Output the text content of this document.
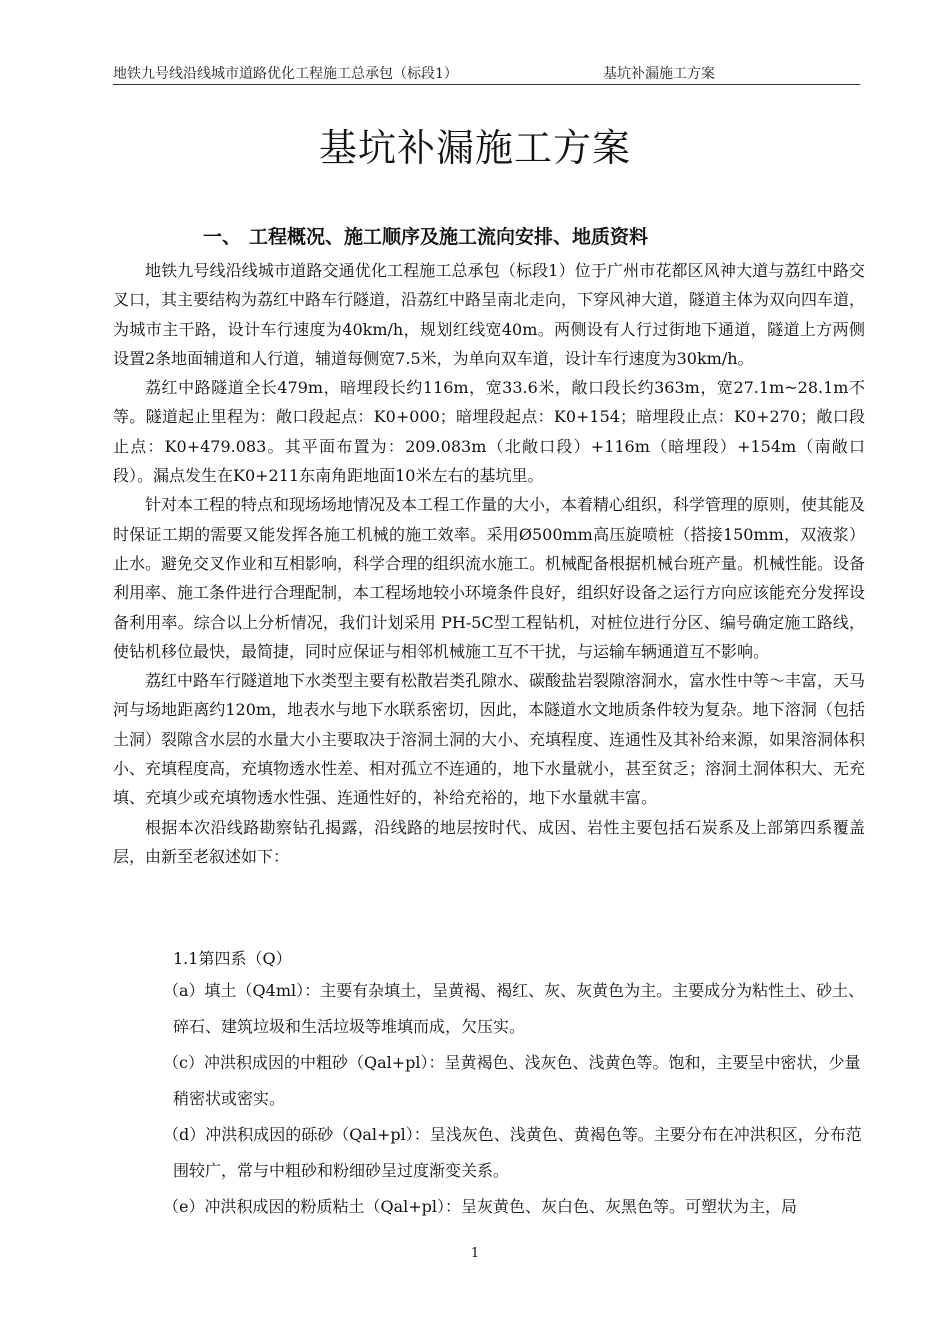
地铁九号线沿线城市道路优化工程施工总承包（标段1）	基坑补漏施工方案
基坑补漏施工方案
一、 工程概况、施工顺序及施工流向安排、地质资料

地铁九号线沿线城市道路交通优化工程施工总承包（标段1）位于广州市花都区风神大道与荔红中路交叉口，其主要结构为荔红中路车行隧道，沿荔红中路呈南北走向，下穿风神大道，隧道主体为双向四车道，为城市主干路，设计车行速度为40km/h，规划红线宽40m。两侧设有人行过街地下通道，隧道上方两侧设置2条地面辅道和人行道，辅道每侧宽7.5米，为单向双车道，设计车行速度为30km/h。

荔红中路隧道全长479m，暗埋段长约116m，宽33.6米，敞口段长约363m，宽27.1m~28.1m不等。隧道起止里程为：敞口段起点：K0+000；暗埋段起点：K0+154；暗埋段止点：K0+270；敞口段止点：K0+479.083。其平面布置为：209.083m（北敞口段）+116m（暗埋段）+154m（南敞口段）。漏点发生在K0+211东南角距地面10米左右的基坑里。

针对本工程的特点和现场场地情况及本工程工作量的大小，本着精心组织，科学管理的原则，使其能及时保证工期的需要又能发挥各施工机械的施工效率。采用Ø500mm高压旋喷桩（搭接150mm，双液浆）止水。避免交叉作业和互相影响，科学合理的组织流水施工。机械配备根据机械台班产量。机械性能。设备利用率、施工条件进行合理配制，本工程场地较小环境条件良好，组织好设备之运行方向应该能充分发挥设备利用率。综合以上分析情况，我们计划采用 PH-5C型工程钻机，对桩位进行分区、编号确定施工路线，使钻机移位最快，最简捷，同时应保证与相邻机械施工互不干扰，与运输车辆通道互不影响。

荔红中路车行隧道地下水类型主要有松散岩类孔隙水、碳酸盐岩裂隙溶洞水，富水性中等～丰富，天马河与场地距离约120m，地表水与地下水联系密切，因此，本隧道水文地质条件较为复杂。地下溶洞（包括土洞）裂隙含水层的水量大小主要取决于溶洞土洞的大小、充填程度、连通性及其补给来源，如果溶洞体积小、充填程度高，充填物透水性差、相对孤立不连通的，地下水量就小，甚至贫乏；溶洞土洞体积大、无充填、充填少或充填物透水性强、连通性好的，补给充裕的，地下水量就丰富。

根据本次沿线路勘察钻孔揭露，沿线路的地层按时代、成因、岩性主要包括石炭系及上部第四系覆盖层，由新至老叙述如下：

1.1第四系（Q）

（a）填土（Q4ml）：主要有杂填土，呈黄褐、褐红、灰、灰黄色为主。主要成分为粘性土、砂土、碎石、建筑垃圾和生活垃圾等堆填而成，欠压实。

（c）冲洪积成因的中粗砂（Qal+pl）：呈黄褐色、浅灰色、浅黄色等。饱和，主要呈中密状，少量稍密状或密实。

（d）冲洪积成因的砾砂（Qal+pl）：呈浅灰色、浅黄色、黄褐色等。主要分布在冲洪积区，分布范围较广，常与中粗砂和粉细砂呈过度渐变关系。

（e）冲洪积成因的粉质粘土（Qal+pl）：呈灰黄色、灰白色、灰黑色等。可塑状为主，局

1
